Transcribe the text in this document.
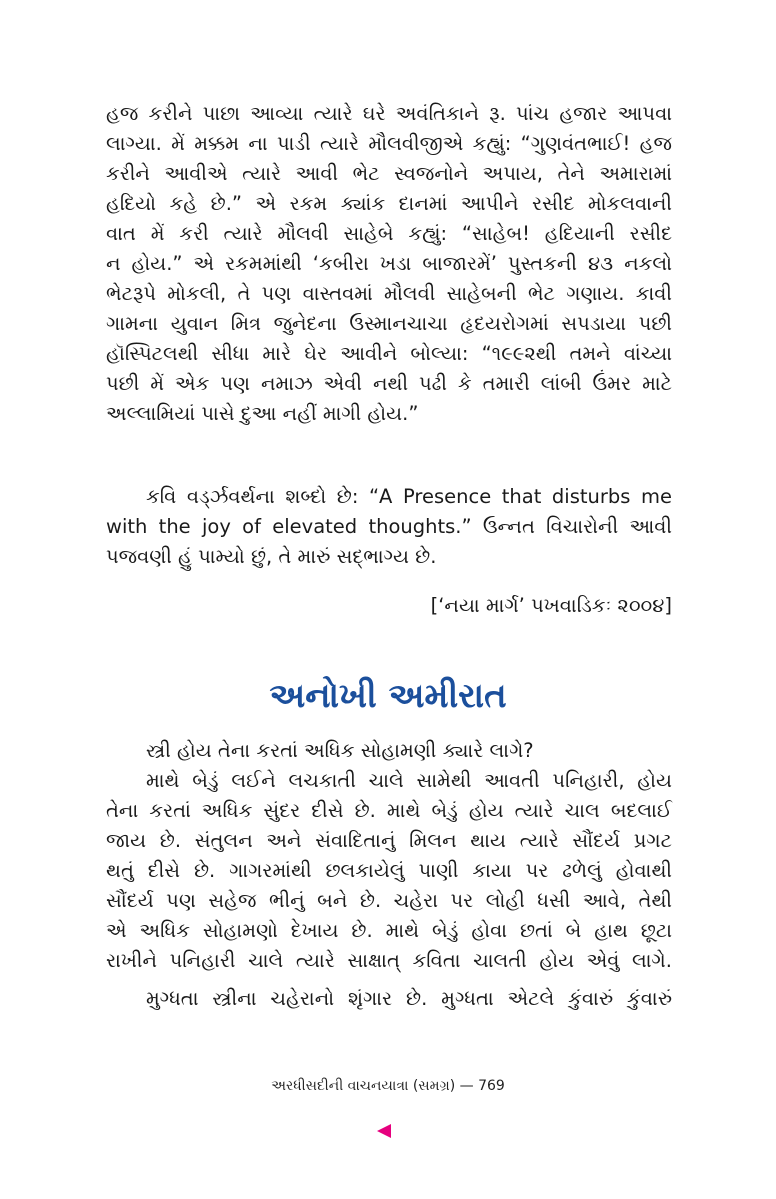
હજ કરીને પાછા આવ્યા ત્યારે ઘરે અવંતિકાને રૂ. પાંચ હજાર આપવા
લાગ્યા. મેં મક્કમ ના પાડી ત્યારે મૌલવીજીએ કહ્યું: “ગુણવંતભાઈ! હજ
કરીને આવીએ ત્યારે આવી ભેટ સ્વજનોને અપાય, તેને અમારામાં
હદિયો કહે છે.” એ રકમ ક્યાંક દાનમાં આપીને રસીદ મોકલવાની
વાત મેં કરી ત્યારે મૌલવી સાહેબે કહ્યું: “સાહેબ! હદિયાની રસીદ
ન હોય.” એ રકમમાંથી ‘કબીરા ખડા બાજારમેં’ પુસ્તકની ૪૩ નકલો
ભેટરૂપે મોકલી, તે પણ વાસ્તવમાં મૌલવી સાહેબની ભેટ ગણાય. કાવી
ગામના યુવાન મિત્ર જુનેદના ઉસ્માનચાચા હૃદયરોગમાં સપડાયા પછી
હૉસ્પિટલથી સીધા મારે ઘેર આવીને બોલ્યા: “૧૯૯૨થી તમને વાંચ્યા
પછી મેં એક પણ નમાઝ એવી નથી પઢી કે તમારી લાંબી ઉંમર માટે
અલ્લામિયાં પાસે દુઆ નહીં માગી હોય.”
કવિ વર્ડ્ઝવર્થના શબ્દો છે: “A Presence that disturbs me
with the joy of elevated thoughts.” ઉન્નત વિચારોની આવી
પજવણી હું પામ્યો છું, તે મારું સદ્ભાગ્ય છે.
[‘નયા માર્ગ’ પખવાડિકઃ ૨૦૦૪]
અનોખી અમીરાત
સ્ત્રી હોય તેના કરતાં અધિક સોહામણી ક્યારે લાગે?
માથે બેડું લઈને લચકાતી ચાલે સામેથી આવતી પનિહારી, હોય
તેના કરતાં અધિક સુંદર દીસે છે. માથે બેડું હોય ત્યારે ચાલ બદલાઈ
જાય છે. સંતુલન અને સંવાદિતાનું મિલન થાય ત્યારે સૌંદર્ય પ્રગટ
થતું દીસે છે. ગાગરમાંથી છલકાયેલું પાણી કાયા પર ઢળેલું હોવાથી
સૌંદર્ય પણ સહેજ ભીનું બને છે. ચહેરા પર લોહી ધસી આવે, તેથી
એ અધિક સોહામણો દેખાય છે. માથે બેડું હોવા છતાં બે હાથ છૂટા
રાખીને પનિહારી ચાલે ત્યારે સાક્ષાત્ કવિતા ચાલતી હોય એવું લાગે.
મુગ્ધતા સ્ત્રીના ચહેરાનો શૃંગાર છે. મુગ્ધતા એટલે કુંવારું કુંવારું
અરધીસદીની વાચનયાત્રા (સમગ્ર) — 769
